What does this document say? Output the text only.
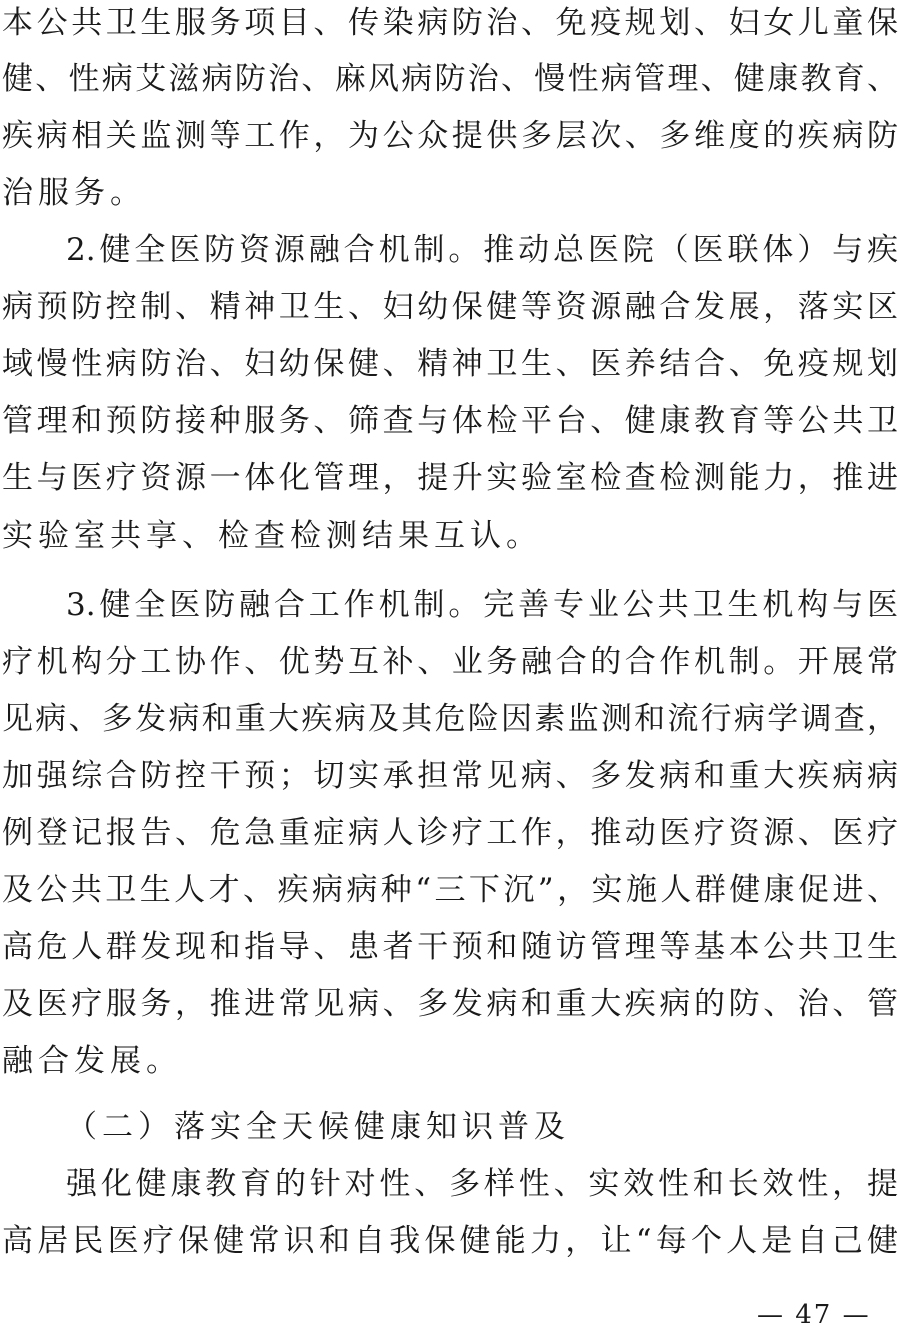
本公共卫生服务项目、传染病防治、免疫规划、妇女儿童保
健、性病艾滋病防治、麻风病防治、慢性病管理、健康教育、
疾病相关监测等工作，为公众提供多层次、多维度的疾病防
治服务。
2.健全医防资源融合机制。推动总医院（医联体）与疾
病预防控制、精神卫生、妇幼保健等资源融合发展，落实区
域慢性病防治、妇幼保健、精神卫生、医养结合、免疫规划
管理和预防接种服务、筛查与体检平台、健康教育等公共卫
生与医疗资源一体化管理，提升实验室检查检测能力，推进
实验室共享、检查检测结果互认。
3.健全医防融合工作机制。完善专业公共卫生机构与医
疗机构分工协作、优势互补、业务融合的合作机制。开展常
见病、多发病和重大疾病及其危险因素监测和流行病学调查，
加强综合防控干预；切实承担常见病、多发病和重大疾病病
例登记报告、危急重症病人诊疗工作，推动医疗资源、医疗
及公共卫生人才、疾病病种“三下沉”，实施人群健康促进、
高危人群发现和指导、患者干预和随访管理等基本公共卫生
及医疗服务，推进常见病、多发病和重大疾病的防、治、管
融合发展。
（二）落实全天候健康知识普及
强化健康教育的针对性、多样性、实效性和长效性，提
高居民医疗保健常识和自我保健能力，让“每个人是自己健
— 47 —
